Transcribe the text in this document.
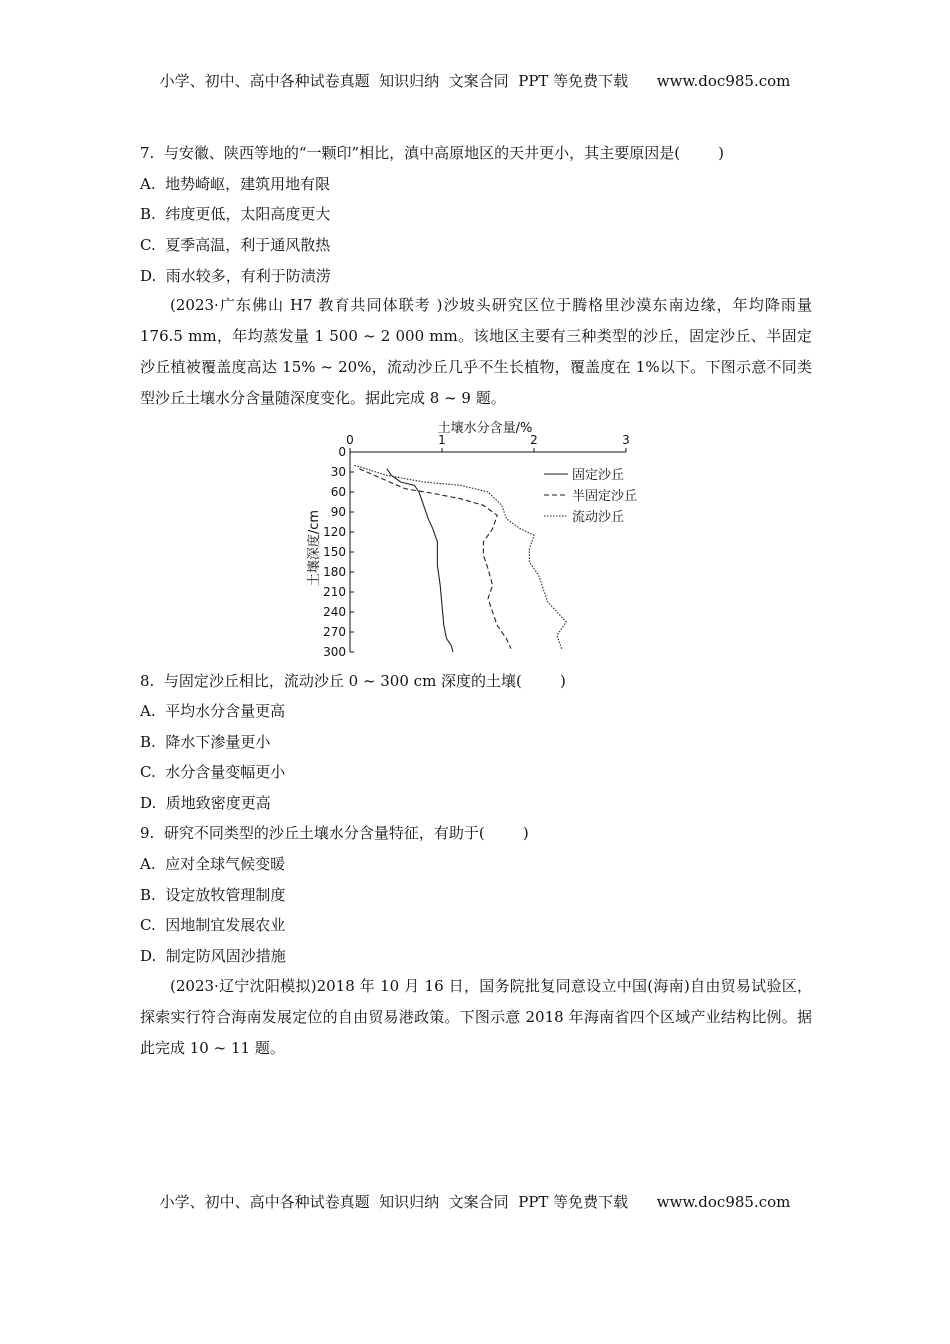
小学、初中、高中各种试卷真题  知识归纳  文案合同  PPT 等免费下载      www.doc985.com
7.  与安徽、陕西等地的“一颗印”相比，滇中高原地区的天井更小，其主要原因是(        )
A.  地势崎岖，建筑用地有限
B.  纬度更低，太阳高度更大
C.  夏季高温，利于通风散热
D.  雨水较多，有利于防渍涝
(2023·广东佛山 H7 教育共同体联考 )沙坡头研究区位于腾格里沙漠东南边缘，年均降雨量 176.5 mm，年均蒸发量 1 500 ~ 2 000 mm。该地区主要有三种类型的沙丘，固定沙丘、半固定沙丘植被覆盖度高达 15% ~ 20%，流动沙丘几乎不生长植物，覆盖度在 1%以下。下图示意不同类型沙丘土壤水分含量随深度变化。据此完成 8 ~ 9 题。
土壤水分含量/%
0	1	2	3
0
30
60
90
120
150
180
210
240
270
300
土壤深度/cm
固定沙丘
半固定沙丘
流动沙丘
8.  与固定沙丘相比，流动沙丘 0 ~ 300 cm 深度的土壤(        )
A.  平均水分含量更高
B.  降水下渗量更小
C.  水分含量变幅更小
D.  质地致密度更高
9.  研究不同类型的沙丘土壤水分含量特征，有助于(        )
A.  应对全球气候变暖
B.  设定放牧管理制度
C.  因地制宜发展农业
D.  制定防风固沙措施
(2023·辽宁沈阳模拟)2018 年 10 月 16 日，国务院批复同意设立中国(海南)自由贸易试验区，探索实行符合海南发展定位的自由贸易港政策。下图示意 2018 年海南省四个区域产业结构比例。据此完成 10 ~ 11 题。
小学、初中、高中各种试卷真题  知识归纳  文案合同  PPT 等免费下载      www.doc985.com
